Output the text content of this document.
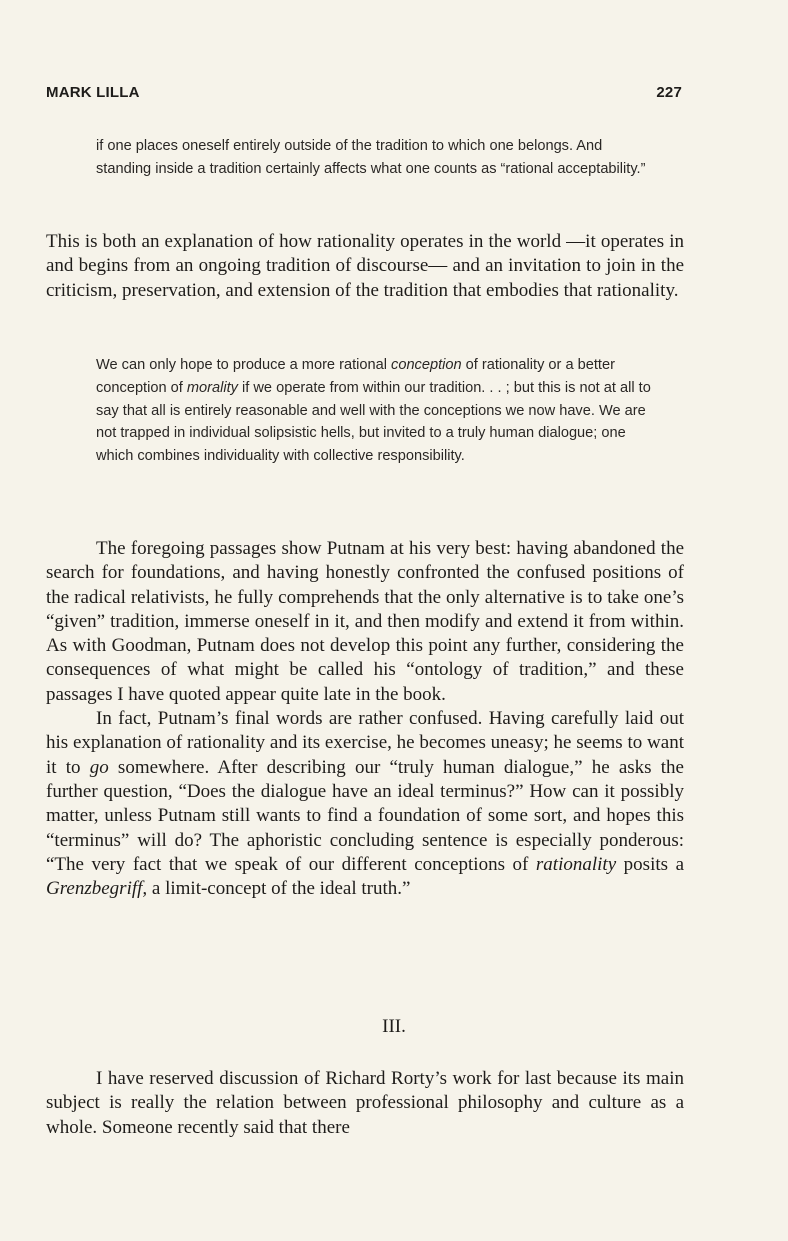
MARK LILLA	227
if one places oneself entirely outside of the tradition to which one belongs. And standing inside a tradition certainly affects what one counts as “rational acceptability.”
This is both an explanation of how rationality operates in the world —it operates in and begins from an ongoing tradition of discourse— and an invitation to join in the criticism, preservation, and extension of the tradition that embodies that rationality.
We can only hope to produce a more rational conception of rationality or a better conception of morality if we operate from within our tradition. . . ; but this is not at all to say that all is entirely reasonable and well with the conceptions we now have. We are not trapped in individual solipsistic hells, but invited to a truly human dialogue; one which combines individuality with collective responsibility.

The foregoing passages show Putnam at his very best: having abandoned the search for foundations, and having honestly confronted the confused positions of the radical relativists, he fully comprehends that the only alternative is to take one’s “given” tradition, immerse oneself in it, and then modify and extend it from within. As with Goodman, Putnam does not develop this point any further, considering the consequences of what might be called his “ontology of tradition,” and these passages I have quoted appear quite late in the book.

In fact, Putnam’s final words are rather confused. Having carefully laid out his explanation of rationality and its exercise, he becomes uneasy; he seems to want it to go somewhere. After describing our “truly human dialogue,” he asks the further question, “Does the dialogue have an ideal terminus?” How can it possibly matter, unless Putnam still wants to find a foundation of some sort, and hopes this “terminus” will do? The aphoristic concluding sentence is especially ponderous: “The very fact that we speak of our different conceptions of rationality posits a Grenzbegriff, a limit-concept of the ideal truth.”

III.
I have reserved discussion of Richard Rorty’s work for last because its main subject is really the relation between professional philosophy and culture as a whole. Someone recently said that there
